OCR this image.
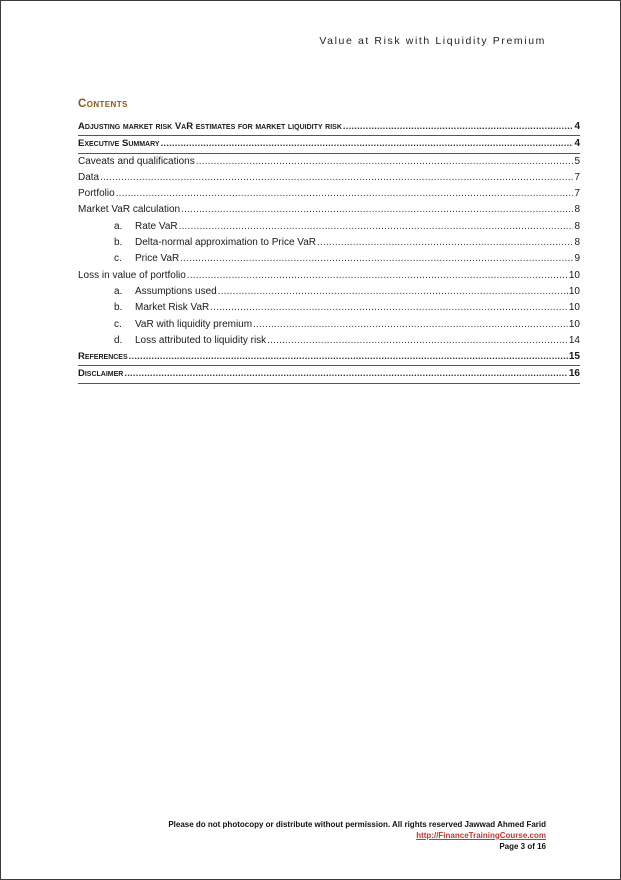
Value at Risk with Liquidity Premium
Contents
Adjusting market risk VaR estimates for market liquidity risk .....	4
Executive Summary .....	4
Caveats and qualifications .....	5
Data .....	7
Portfolio .....	7
Market VaR calculation .....	8
a. Rate VaR .....	8
b. Delta-normal approximation to Price VaR .....	8
c. Price VaR .....	9
Loss in value of portfolio .....	10
a. Assumptions used .....	10
b. Market Risk VaR .....	10
c. VaR with liquidity premium .....	10
d. Loss attributed to liquidity risk .....	14
References .....	15
Disclaimer .....	16
Please do not photocopy or distribute without permission. All rights reserved Jawwad Ahmed Farid
http://FinanceTrainingCourse.com
Page 3 of 16
